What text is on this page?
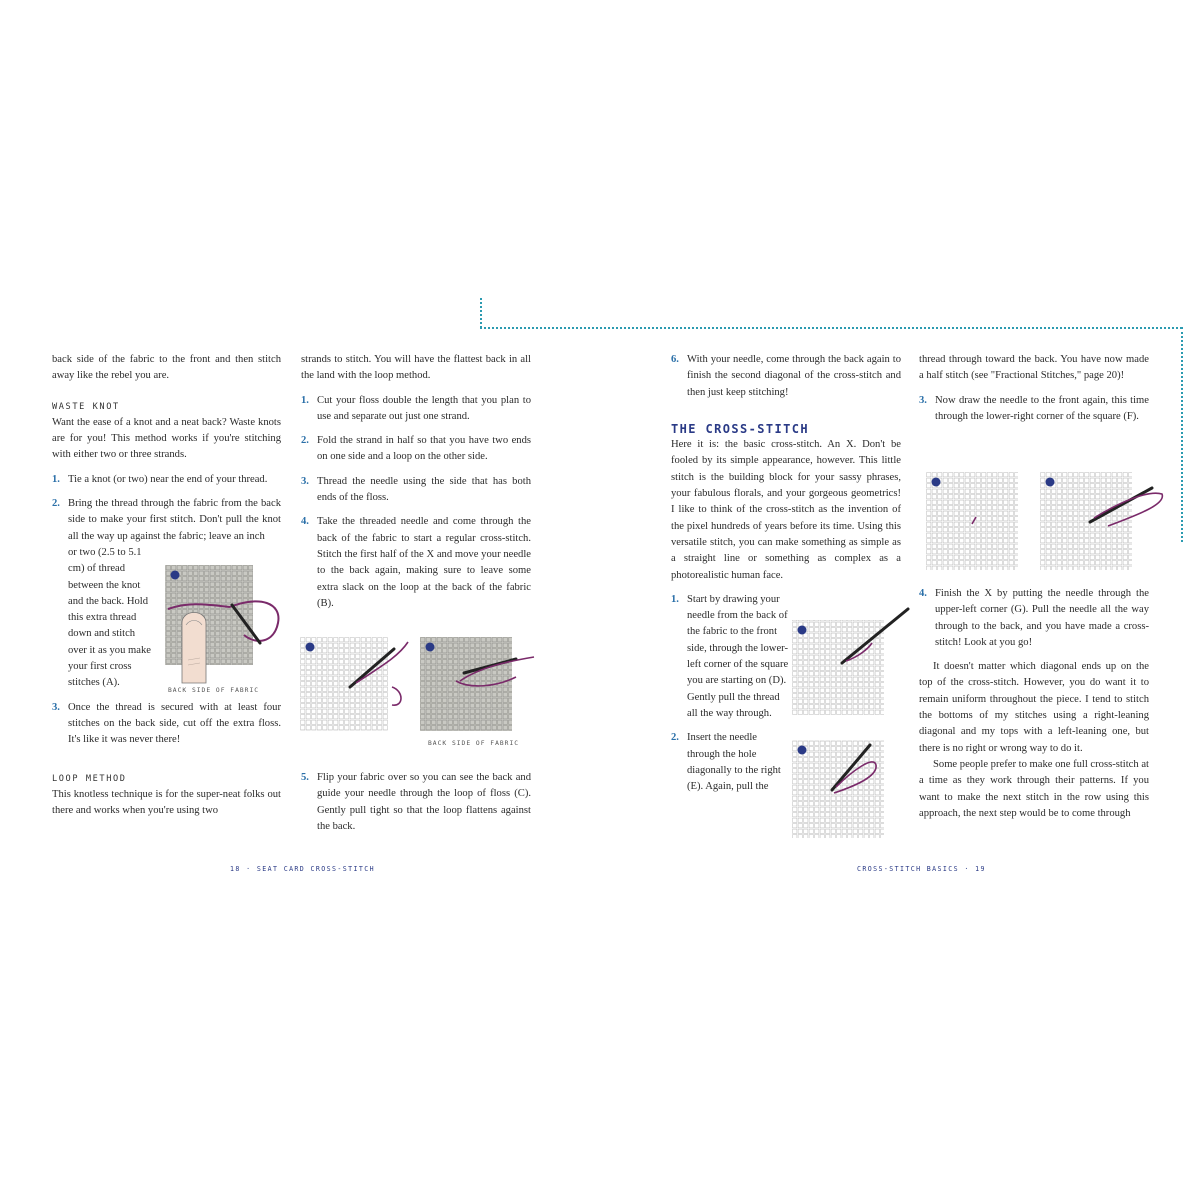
back side of the fabric to the front and then stitch away like the rebel you are.

WASTE KNOT

Want the ease of a knot and a neat back? Waste knots are for you! This method works if you're stitching with either two or three strands.

1. Tie a knot (or two) near the end of your thread.

2. Bring the thread through the fabric from the back side to make your first stitch. Don't pull the knot all the way up against the fabric; leave an inch

or two (2.5 to 5.1 cm) of thread between the knot and the back. Hold this extra thread down and stitch over it as you make your first cross stitches (A).

3. Once the thread is secured with at least four stitches on the back side, cut off the extra floss. It's like it was never there!

LOOP METHOD

This knotless technique is for the super-neat folks out there and works when you're using two

BACK SIDE OF FABRIC

strands to stitch. You will have the flattest back in all the land with the loop method.

1. Cut your floss double the length that you plan to use and separate out just one strand.

2. Fold the strand in half so that you have two ends on one side and a loop on the other side.

3. Thread the needle using the side that has both ends of the floss.

4. Take the threaded needle and come through the back of the fabric to start a regular cross-stitch. Stitch the first half of the X and move your needle to the back again, making sure to leave some extra slack on the loop at the back of the fabric (B).

BACK SIDE OF FABRIC

5. Flip your fabric over so you can see the back and guide your needle through the loop of floss (C). Gently pull tight so that the loop flattens against the back.

18 · SEAT CARD CROSS-STITCH

6. With your needle, come through the back again to finish the second diagonal of the cross-stitch and then just keep stitching!

THE CROSS-STITCH

Here it is: the basic cross-stitch. An X. Don't be fooled by its simple appearance, however. This little stitch is the building block for your sassy phrases, your fabulous florals, and your gorgeous geometrics! I like to think of the cross-stitch as the invention of the pixel hundreds of years before its time. Using this versatile stitch, you can make something as simple as a straight line or something as complex as a photorealistic human face.

1. Start by drawing your needle from the back of the fabric to the front side, through the lower-left corner of the square you are starting on (D). Gently pull the thread all the way through.

2. Insert the needle through the hole diagonally to the right (E). Again, pull the

thread through toward the back. You have now made a half stitch (see "Fractional Stitches," page 20)!

3. Now draw the needle to the front again, this time through the lower-right corner of the square (F).

4. Finish the X by putting the needle through the upper-left corner (G). Pull the needle all the way through to the back, and you have made a cross-stitch! Look at you go!

It doesn't matter which diagonal ends up on the top of the cross-stitch. However, you do want it to remain uniform throughout the piece. I tend to stitch the bottoms of my stitches using a right-leaning diagonal and my tops with a left-leaning one, but there is no right or wrong way to do it.

Some people prefer to make one full cross-stitch at a time as they work through their patterns. If you want to make the next stitch in the row using this approach, the next step would be to come through

CROSS-STITCH BASICS · 19
